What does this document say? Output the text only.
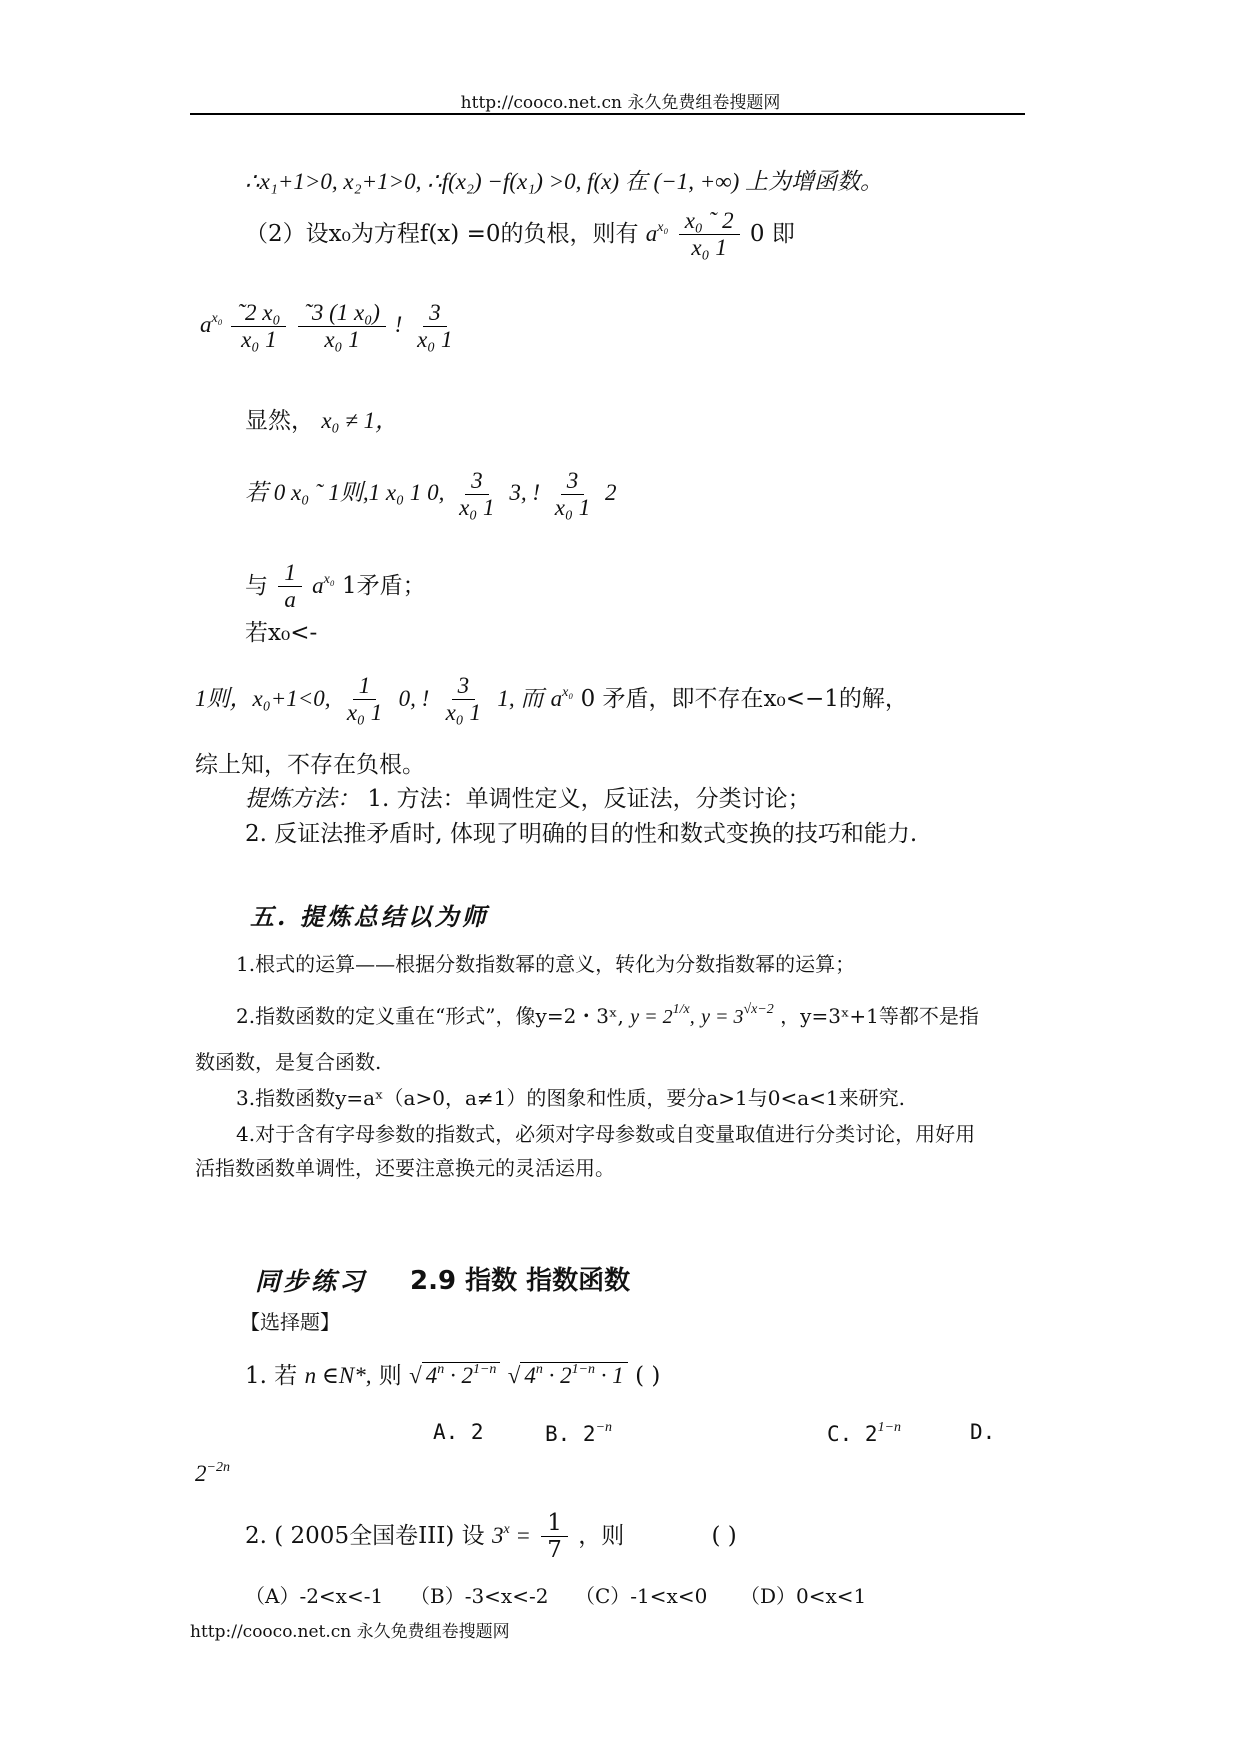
http://cooco.net.cn 永久免费组卷搜题网
∴x₁+1>0, x₂+1>0, ∴f(x₂) −f(x₁) >0, f(x) 在 (−1, +∞) 上为增函数。
（2）设x₀为方程f(x) =0的负根，则有 $a^{x_0} \frac{\text{x₀ ˜ 2}}{\text{x₀ 1}} 0$ 即
$a^{x_0} \frac{\text{˜2 x₀}}{\text{x₀ 1}}$
$\frac{\text{˜3 (1 x₀)}}{\text{x₀ 1}}$ ! $\frac{3}{\text{x₀ 1}}$
显然， x₀ ≠ 1，
若 0 x₀ ˜ 1则,1 x₀ 1 0, $\frac{3}{\text{x₀ 1}} 3$, ! $\frac{3}{\text{x₀ 1}} 2$
与 $\frac{1}{a} a^{x_0}$ 1矛盾；
若x₀<-
1则，x₀+1<0, $\frac{1}{\text{x₀ 1}} 0$, ! $\frac{3}{\text{x₀ 1}} 1$, 而 $a^{x_0}$ 0 矛盾，即不存在x₀<−1的解，
综上知，不存在负根。
提炼方法： 1. 方法：单调性定义，反证法，分类讨论；
2. 反证法推矛盾时, 体现了明确的目的性和数式变换的技巧和能力.
五. 提炼总结以为师
1.根式的运算——根据分数指数幂的意义，转化为分数指数幂的运算；
2.指数函数的定义重在“形式”，像y=2・3ˣ, $y = 2^{1/x}$, $y = 3^{√x-2}$ ，y=3ˣ+1等都不是指
数函数，是复合函数.
3.指数函数y=aˣ（a>0，a≠1）的图象和性质，要分a>1与0<a<1来研究.
4.对于含有字母参数的指数式，必须对字母参数或自变量取值进行分类讨论，用好用
活指数函数单调性，还要注意换元的灵活运用。
同步练习 2.9 指数 指数函数
【选择题】
1. 若 n ∈N*, 则 √ $4^n \cdot 2^{1-n}$ √ $4^n \cdot 2^{1-n} \cdot 1$ ( )
A. 2	B. $2^{-n}$	C. $2^{1-n}$	D.
$2^{-2n}$
2. ( 2005全国卷III) 设 $3^x = \frac{1}{7}$ ，则	( )
（A）-2<x<-1 （B）-3<x<-2 （C）-1<x<0 （D）0<x<1
http://cooco.net.cn 永久免费组卷搜题网
